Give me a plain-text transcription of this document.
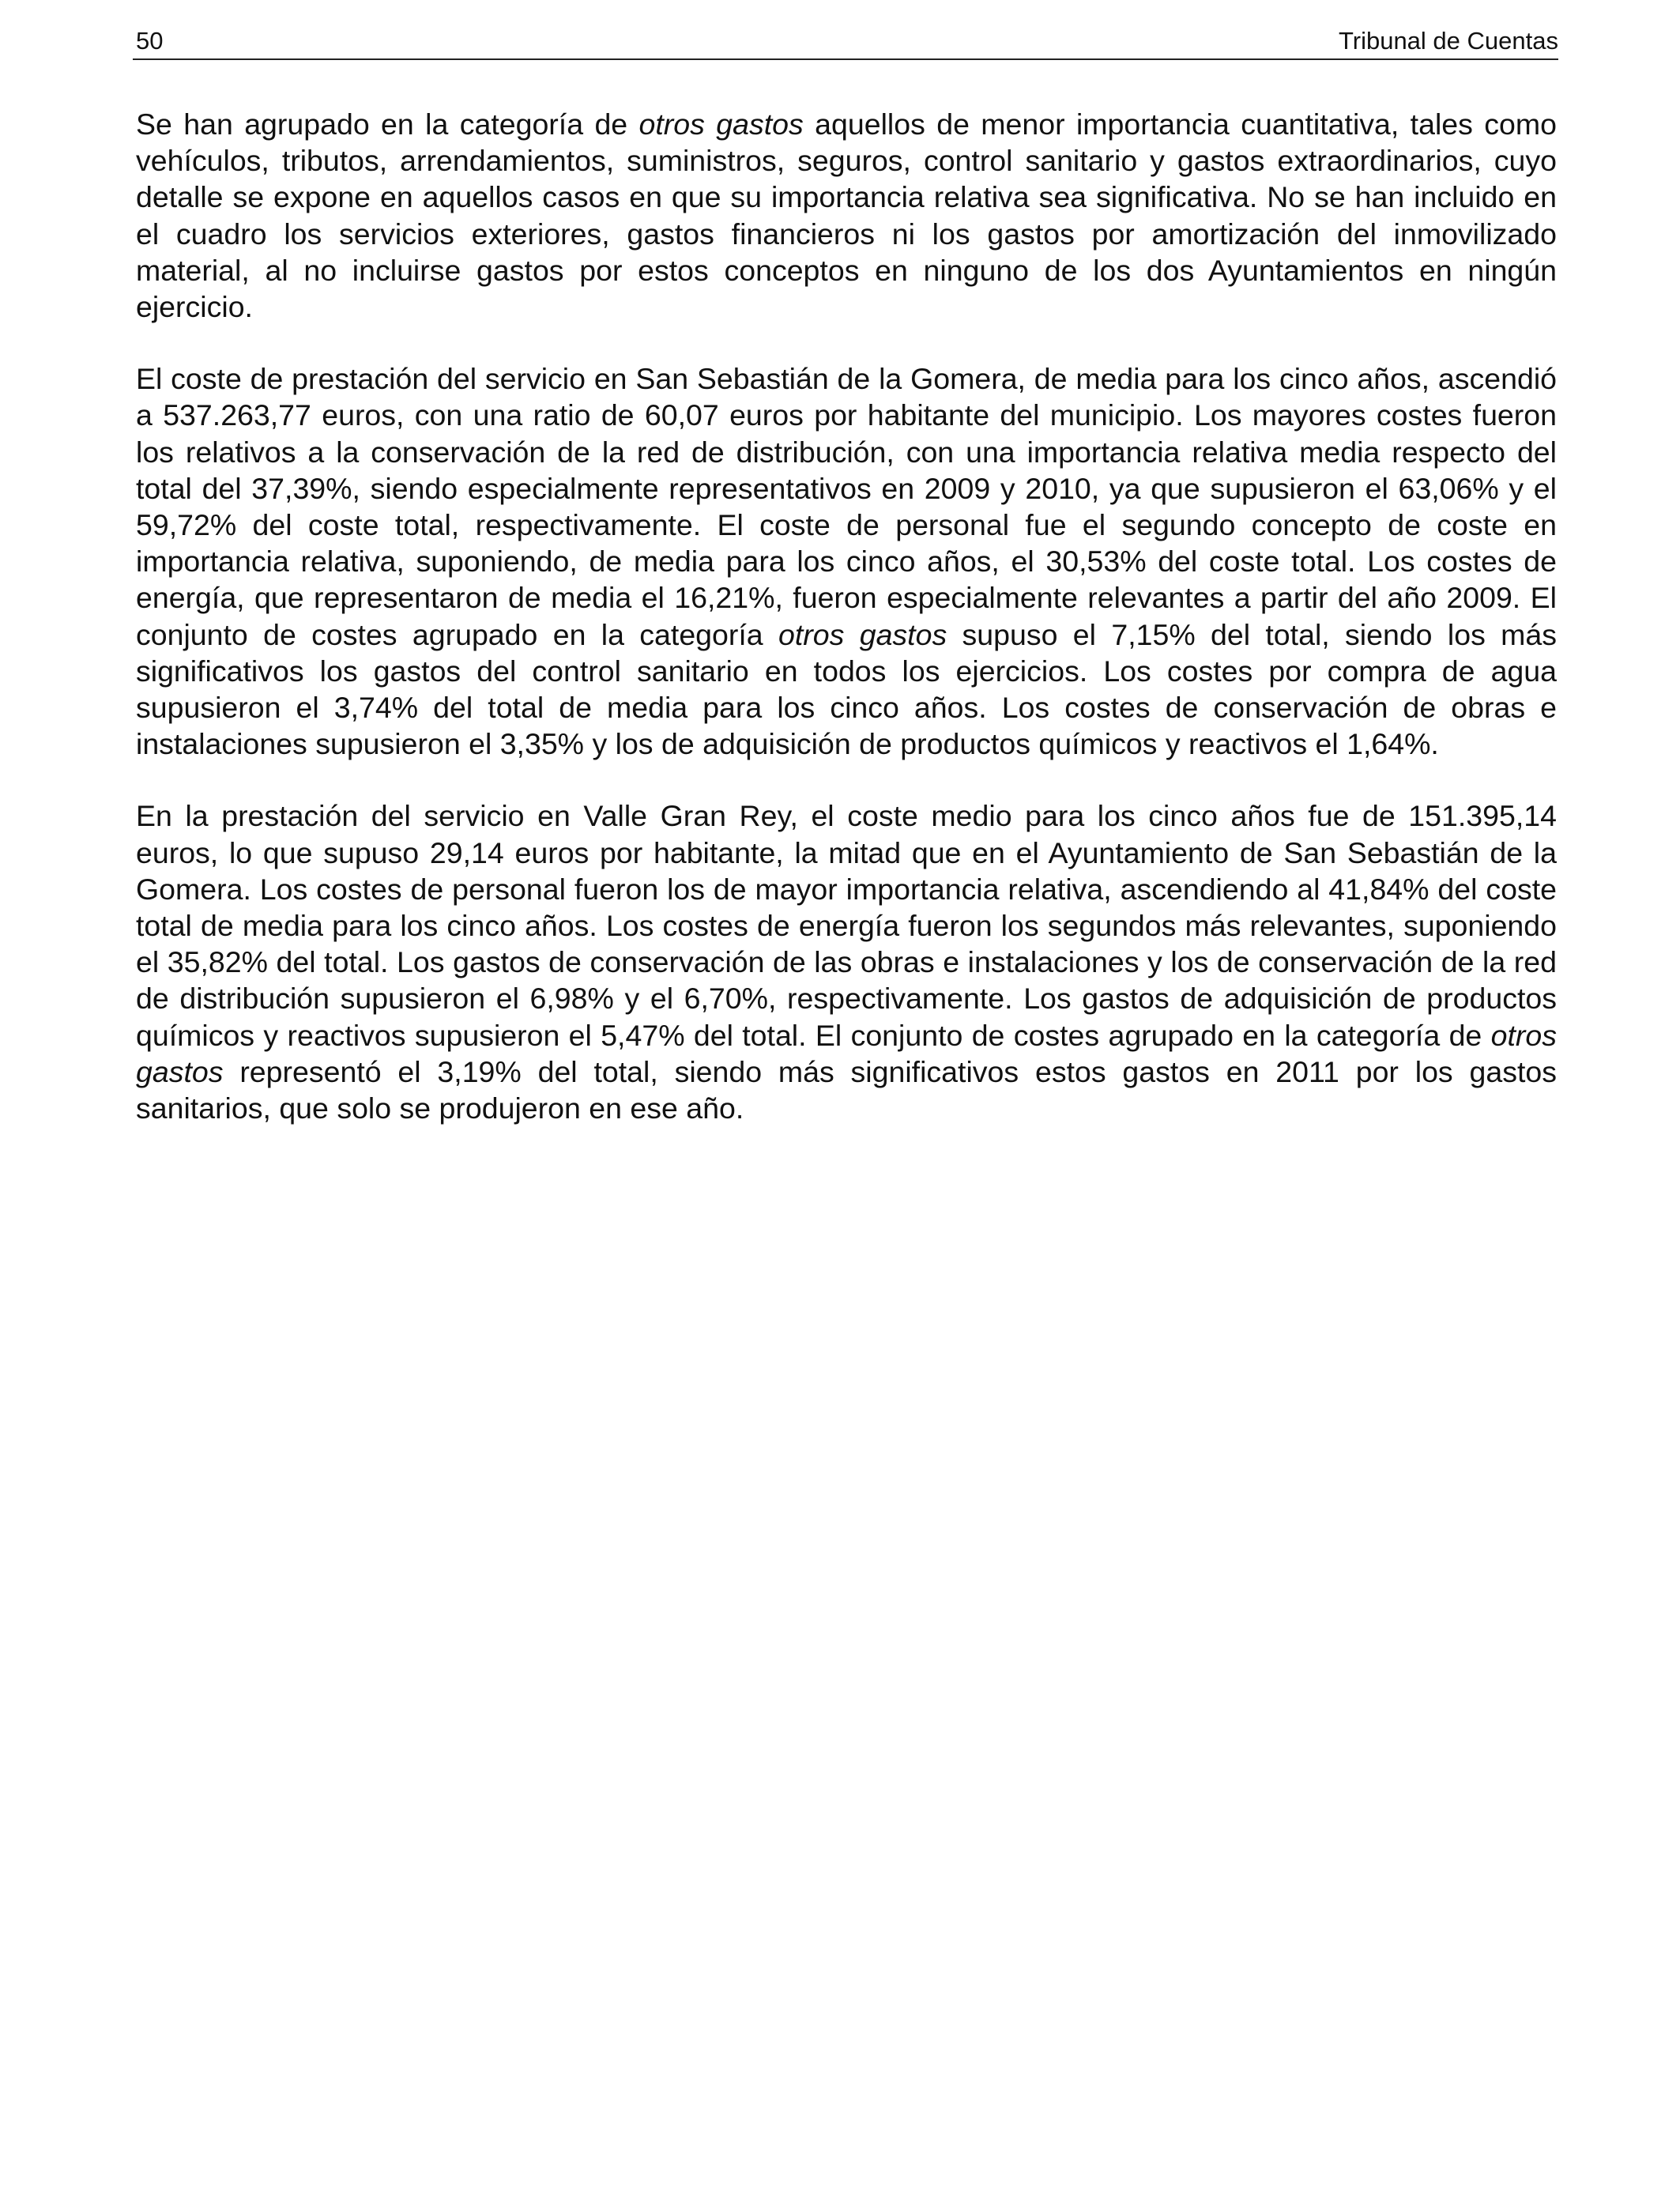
50	Tribunal de Cuentas

Se han agrupado en la categoría de otros gastos aquellos de menor importancia cuantitativa, tales como vehículos, tributos, arrendamientos, suministros, seguros, control sanitario y gastos extraordinarios, cuyo detalle se expone en aquellos casos en que su importancia relativa sea significativa. No se han incluido en el cuadro los servicios exteriores, gastos financieros ni los gastos por amortización del inmovilizado material, al no incluirse gastos por estos conceptos en ninguno de los dos Ayuntamientos en ningún ejercicio.

El coste de prestación del servicio en San Sebastián de la Gomera, de media para los cinco años, ascendió a 537.263,77 euros, con una ratio de 60,07 euros por habitante del municipio. Los mayores costes fueron los relativos a la conservación de la red de distribución, con una importancia relativa media respecto del total del 37,39%, siendo especialmente representativos en 2009 y 2010, ya que supusieron el 63,06% y el 59,72% del coste total, respectivamente. El coste de personal fue el segundo concepto de coste en importancia relativa, suponiendo, de media para los cinco años, el 30,53% del coste total. Los costes de energía, que representaron de media el 16,21%, fueron especialmente relevantes a partir del año 2009. El conjunto de costes agrupado en la categoría otros gastos supuso el 7,15% del total, siendo los más significativos los gastos del control sanitario en todos los ejercicios. Los costes por compra de agua supusieron el 3,74% del total de media para los cinco años. Los costes de conservación de obras e instalaciones supusieron el 3,35% y los de adquisición de productos químicos y reactivos el 1,64%.

En la prestación del servicio en Valle Gran Rey, el coste medio para los cinco años fue de 151.395,14 euros, lo que supuso 29,14 euros por habitante, la mitad que en el Ayuntamiento de San Sebastián de la Gomera. Los costes de personal fueron los de mayor importancia relativa, ascendiendo al 41,84% del coste total de media para los cinco años. Los costes de energía fueron los segundos más relevantes, suponiendo el 35,82% del total. Los gastos de conservación de las obras e instalaciones y los de conservación de la red de distribución supusieron el 6,98% y el 6,70%, respectivamente. Los gastos de adquisición de productos químicos y reactivos supusieron el 5,47% del total. El conjunto de costes agrupado en la categoría de otros gastos representó el 3,19% del total, siendo más significativos estos gastos en 2011 por los gastos sanitarios, que solo se produjeron en ese año.
